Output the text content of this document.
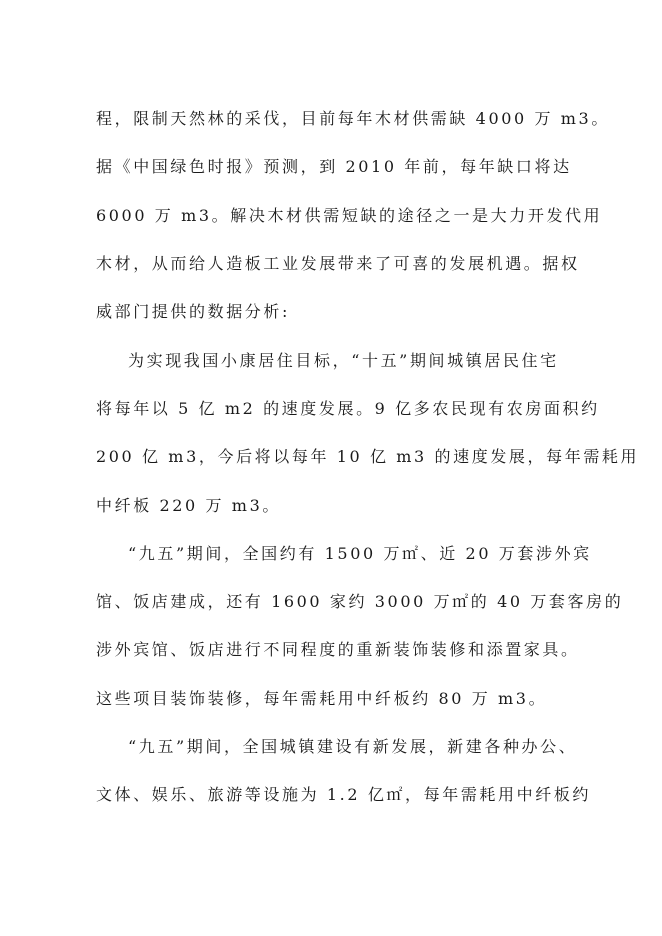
程，限制天然林的采伐，目前每年木材供需缺 4000 万 m3。
据《中国绿色时报》预测，到 2010 年前，每年缺口将达
6000 万 m3。解决木材供需短缺的途径之一是大力开发代用
木材，从而给人造板工业发展带来了可喜的发展机遇。据权
威部门提供的数据分析:
为实现我国小康居住目标，“十五”期间城镇居民住宅
将每年以 5 亿 m2 的速度发展。9 亿多农民现有农房面积约
200 亿 m3，今后将以每年 10 亿 m3 的速度发展，每年需耗用
中纤板 220 万 m3。
“九五”期间，全国约有 1500 万㎡、近 20 万套涉外宾
馆、饭店建成，还有 1600 家约 3000 万㎡的 40 万套客房的
涉外宾馆、饭店进行不同程度的重新装饰装修和添置家具。
这些项目装饰装修，每年需耗用中纤板约 80 万 m3。
“九五”期间，全国城镇建设有新发展，新建各种办公、
文体、娱乐、旅游等设施为 1.2 亿㎡，每年需耗用中纤板约
